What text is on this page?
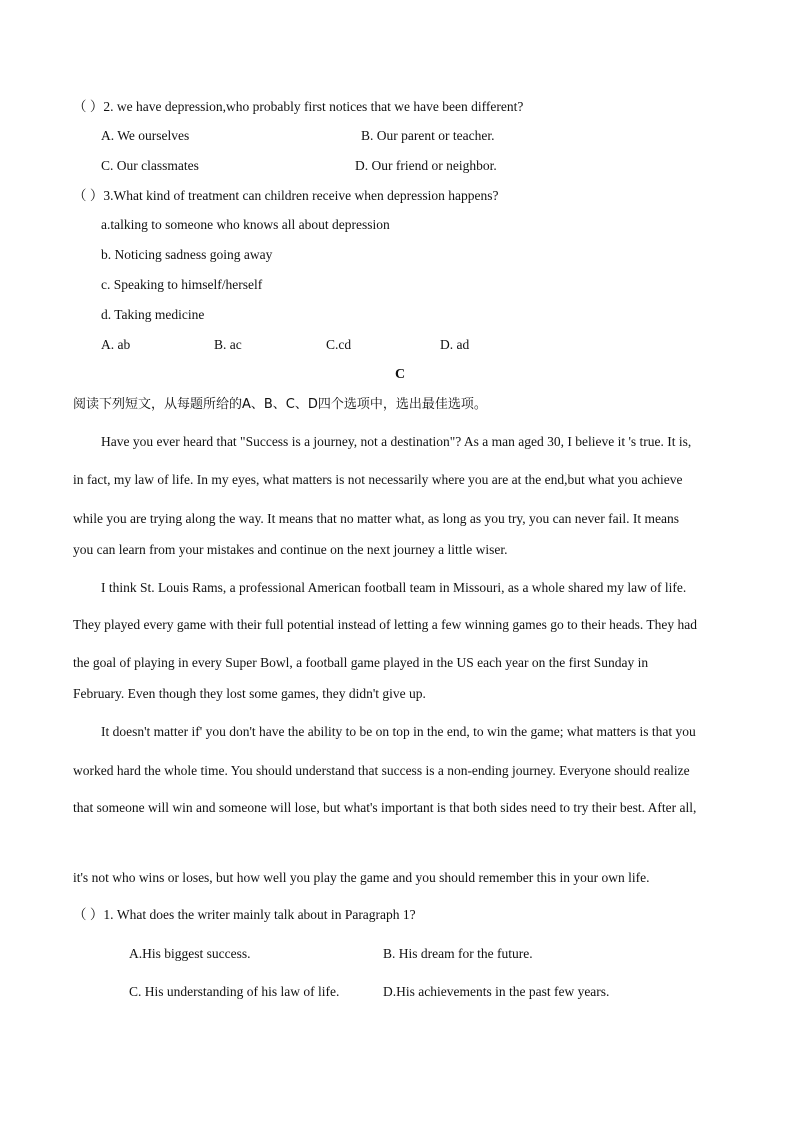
（ ）2. we have depression,who probably first notices that we have been different?
A. We ourselves	B. Our parent or teacher.
C. Our classmates	D. Our friend or neighbor.
（ ）3.What kind of treatment can children receive when depression happens?
a.talking to someone who knows all about depression
b. Noticing sadness going away
c. Speaking to himself/herself
d. Taking medicine
A. ab	B. ac	C.cd	D. ad
C
阅读下列短文，从每题所给的A、B、C、D四个选项中，选出最佳选项。
Have you ever heard that "Success is a journey, not a destination"? As a man aged 30, I believe it 's true. It is,
in fact, my law of life. In my eyes, what matters is not necessarily where you are at the end,but what you achieve
while you are trying along the way. It means that no matter what, as long as you try, you can never fail. It means
you can learn from your mistakes and continue on the next journey a little wiser.
I think St. Louis Rams, a professional American football team in Missouri, as a whole shared my law of life.
They played every game with their full potential instead of letting a few winning games go to their heads. They had
the goal of playing in every Super Bowl, a football game played in the US each year on the first Sunday in
February. Even though they lost some games, they didn't give up.
It doesn't matter if' you don't have the ability to be on top in the end, to win the game; what matters is that you
worked hard the whole time. You should understand that success is a non-ending journey. Everyone should realize
that someone will win and someone will lose, but what's important is that both sides need to try their best. After all,
it's not who wins or loses, but how well you play the game and you should remember this in your own life.
（ ）1. What does the writer mainly talk about in Paragraph 1?
A.His biggest success.	B. His dream for the future.
C. His understanding of his law of life.	D.His achievements in the past few years.
